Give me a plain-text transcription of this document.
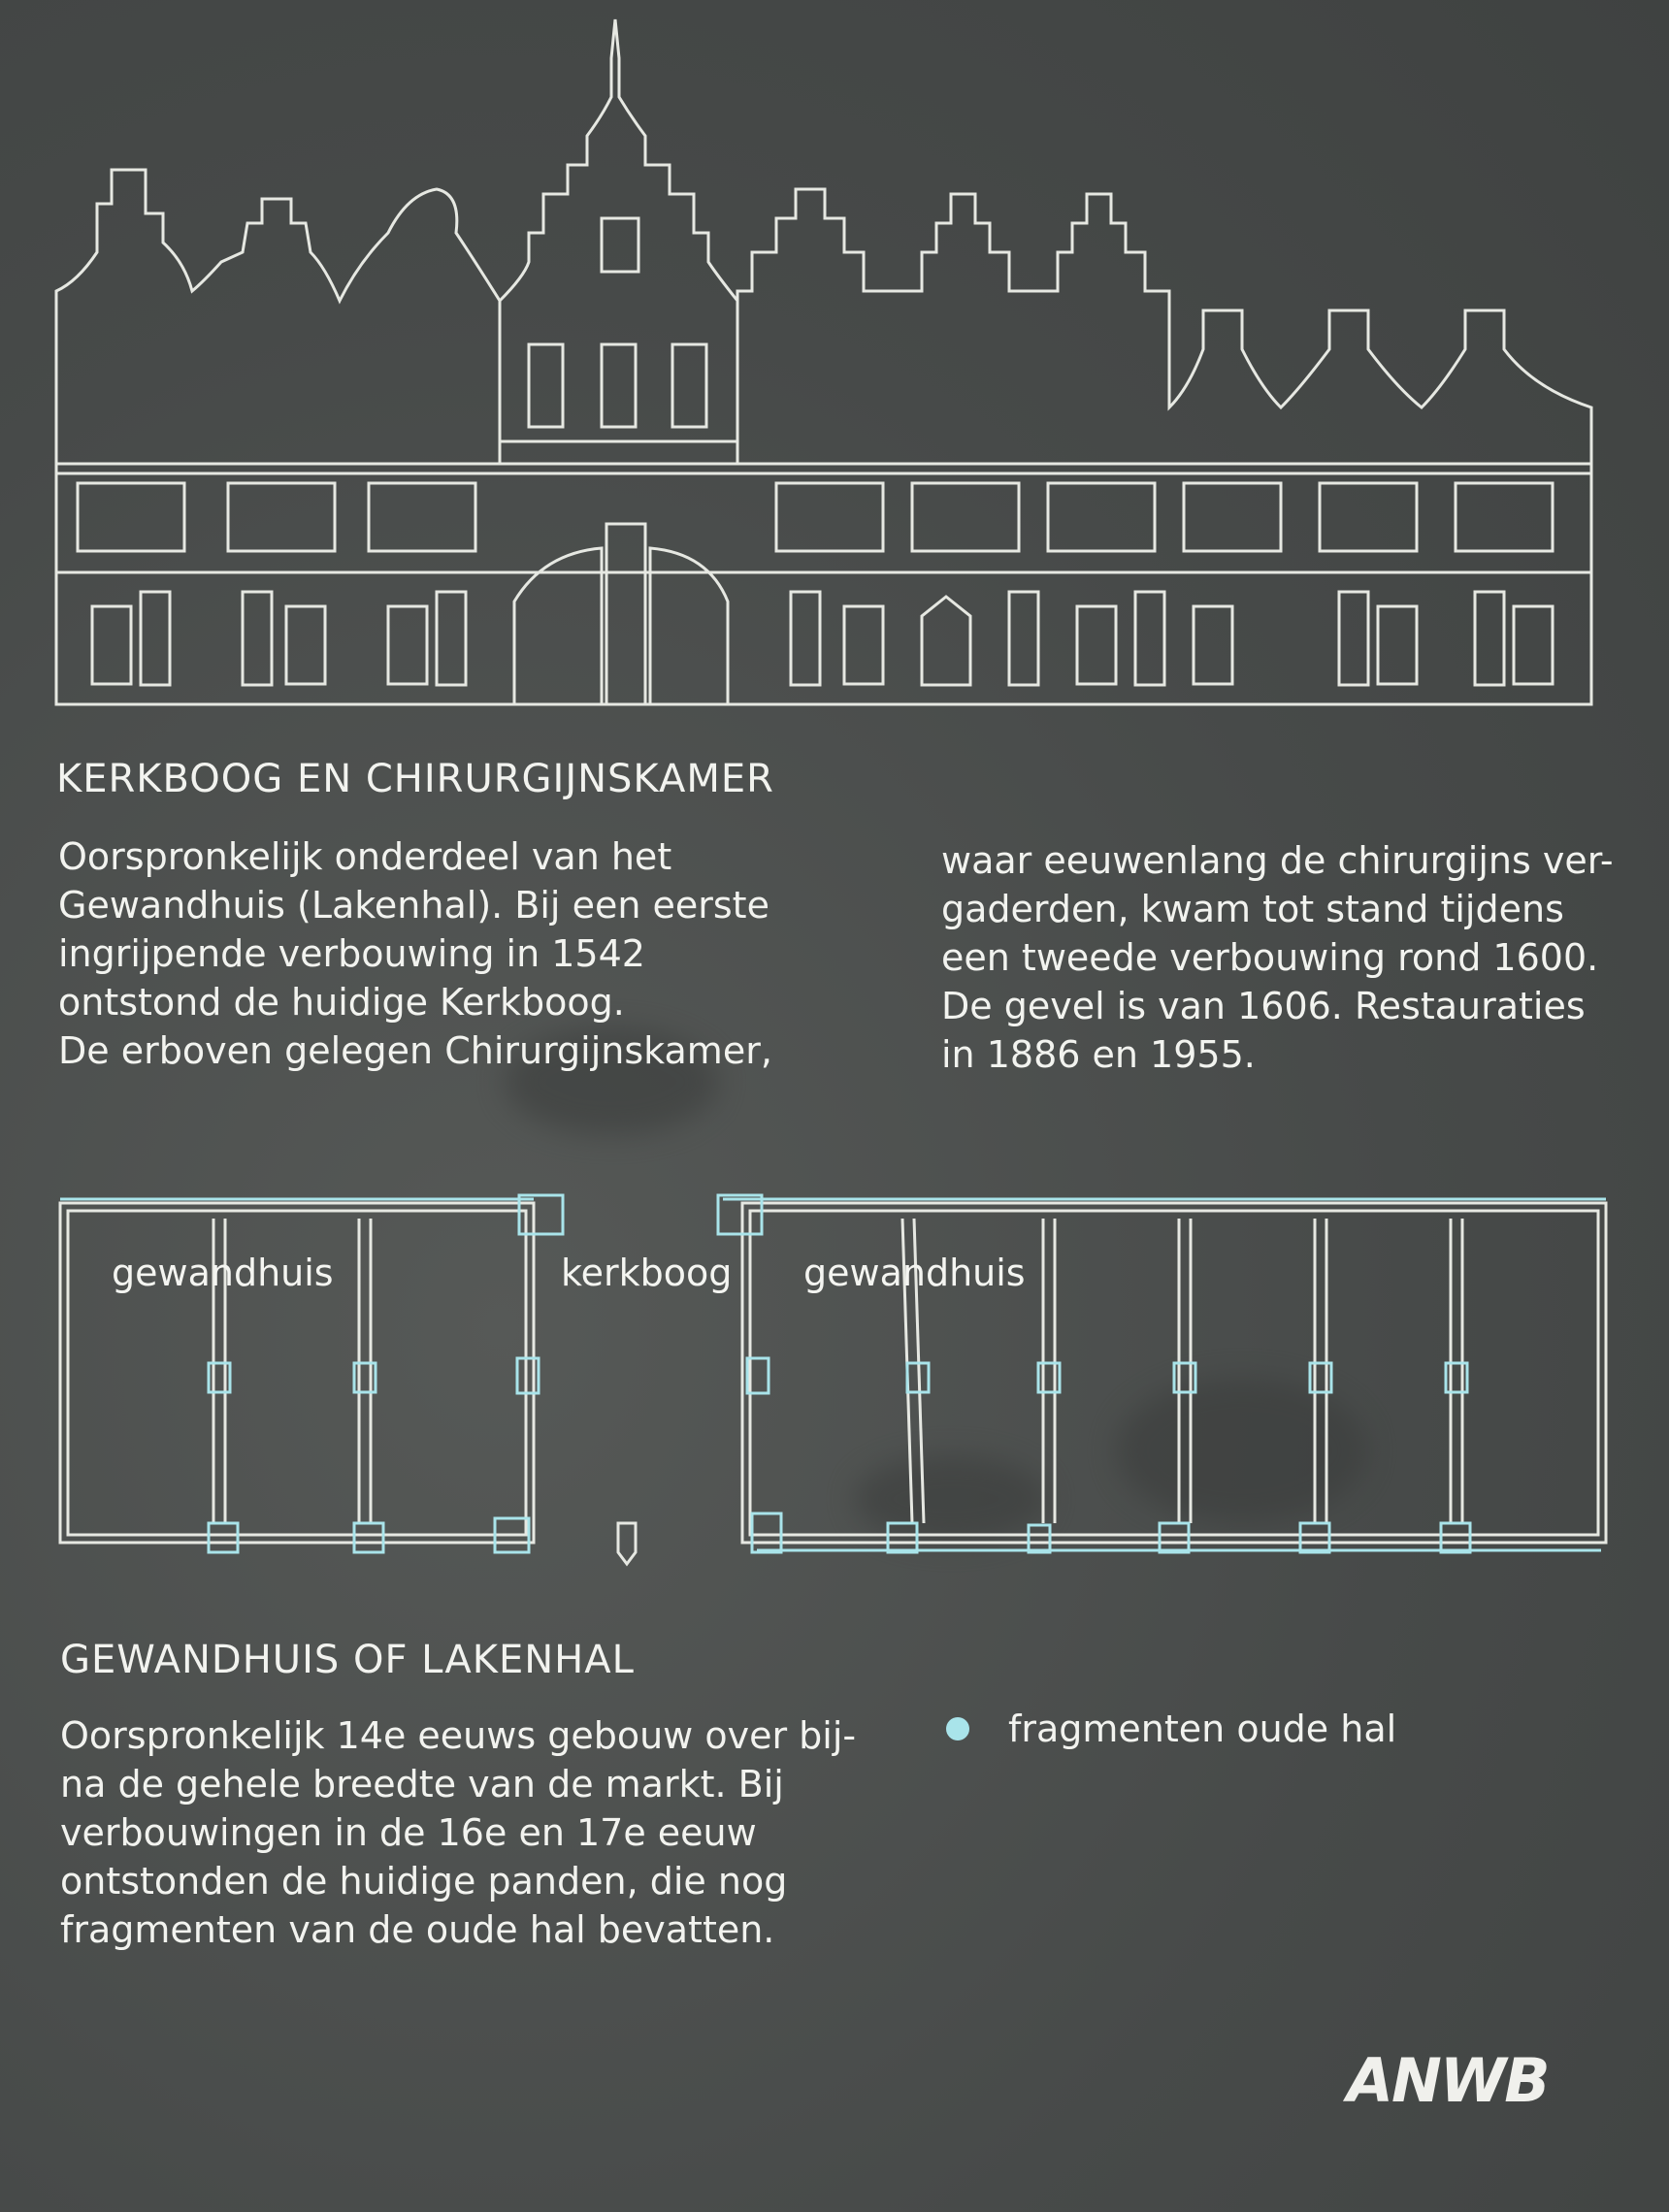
KERKBOOG EN CHIRURGIJNSKAMER
Oorspronkelijk onderdeel van het
Gewandhuis (Lakenhal). Bij een eerste
ingrijpende verbouwing in 1542
ontstond de huidige Kerkboog.
De erboven gelegen Chirurgijnskamer,
waar eeuwenlang de chirurgijns ver-
gaderden, kwam tot stand tijdens
een tweede verbouwing rond 1600.
De gevel is van 1606. Restauraties
in 1886 en 1955.
gewandhuis	kerkboog gewandhuis
GEWANDHUIS OF LAKENHAL
Oorspronkelijk 14e eeuws gebouw over bij-
na de gehele breedte van de markt. Bij
verbouwingen in de 16e en 17e eeuw
ontstonden de huidige panden, die nog
fragmenten van de oude hal bevatten.
fragmenten oude hal
ANWB
